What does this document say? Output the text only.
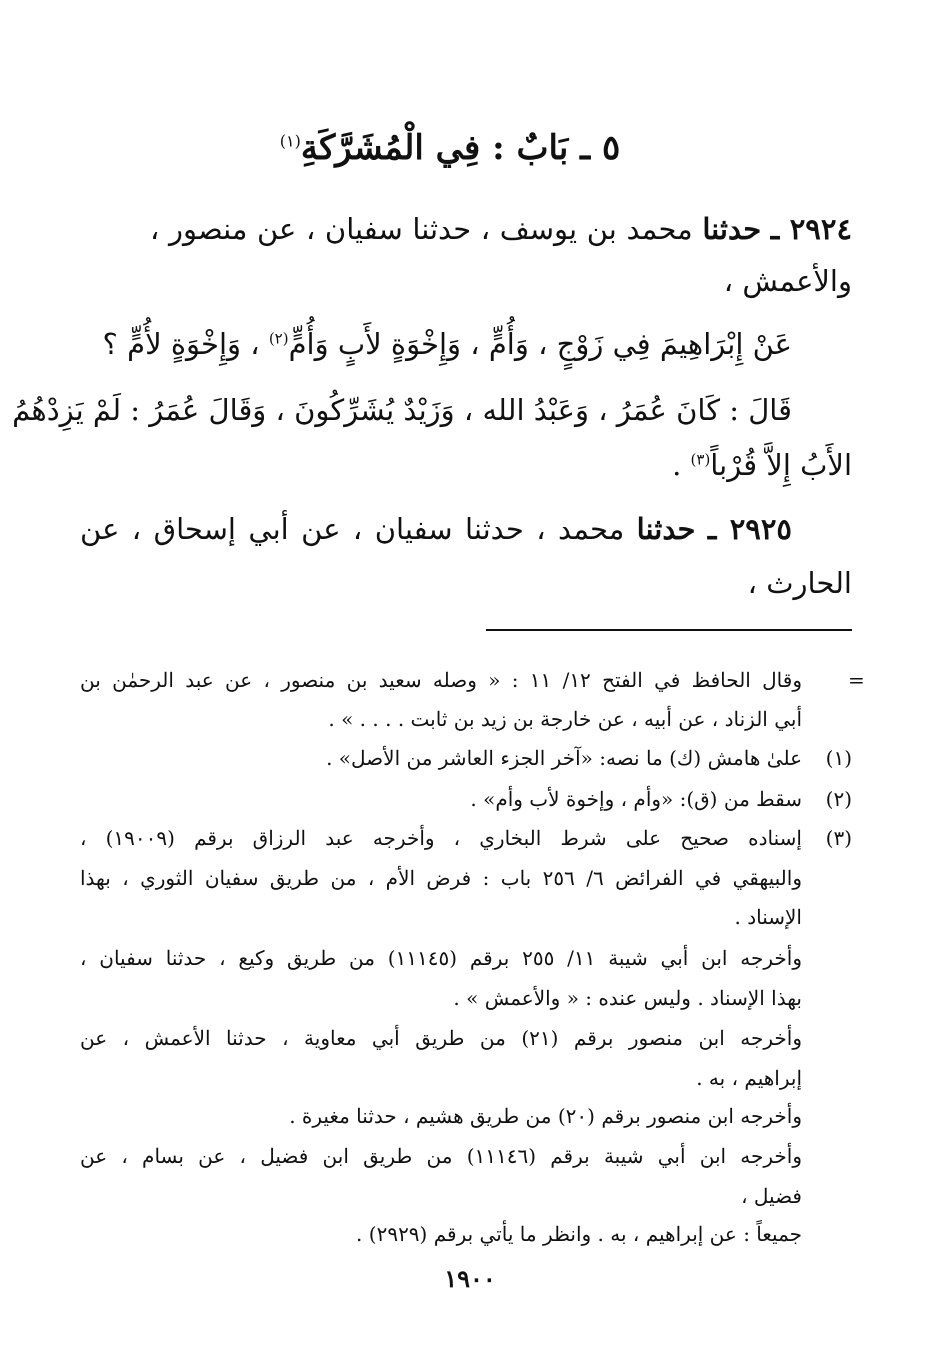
٥ ـ بَابٌ : فِي الْمُشَرَّكَةِ$^{(١)}$
٢٩٢٤ ـ حدثنا محمد بن يوسف ، حدثنا سفيان ، عن منصور ،
والأعمش ،
عَنْ إِبْرَاهِيمَ فِي زَوْجٍ ، وَأُمٍّ ، وَإِخْوَةٍ لأَبٍ وَأُمٍّ$^{(٢)}$ ، وَإِخْوَةٍ لأُمٍّ ؟
قَالَ : كَانَ عُمَرُ ، وَعَبْدُ الله ، وَزَيْدٌ يُشَرِّكُونَ ، وَقَالَ عُمَرُ : لَمْ يَزِدْهُمُ
الأَبُ إِلاَّ قُرْباً$^{(٣)}$ .
٢٩٢٥ ـ حدثنا محمد ، حدثنا سفيان ، عن أبي إسحاق ، عن
الحارث ،
=
وقال الحافظ في الفتح ١٢/ ١١ : « وصله سعيد بن منصور ، عن عبد الرحمٰن بن
أبي الزناد ، عن أبيه ، عن خارجة بن زيد بن ثابت . . . . » .
(١)
علىٰ هامش (ك) ما نصه: «آخر الجزء العاشر من الأصل» .
(٢)
سقط من (ق): «وأم ، وإخوة لأب وأم» .
(٣)
إسناده صحيح على شرط البخاري ، وأخرجه عبد الرزاق برقم (١٩٠٠٩) ،
والبيهقي في الفرائض ٦/ ٢٥٦ باب : فرض الأم ، من طريق سفيان الثوري ، بهذا
الإسناد .
وأخرجه ابن أبي شيبة ١١/ ٢٥٥ برقم (١١١٤٥) من طريق وكيع ، حدثنا سفيان ،
بهذا الإسناد . وليس عنده : « والأعمش » .
وأخرجه ابن منصور برقم (٢١) من طريق أبي معاوية ، حدثنا الأعمش ، عن
إبراهيم ، به .
وأخرجه ابن منصور برقم (٢٠) من طريق هشيم ، حدثنا مغيرة .
وأخرجه ابن أبي شيبة برقم (١١١٤٦) من طريق ابن فضيل ، عن بسام ، عن
فضيل ،
جميعاً : عن إبراهيم ، به . وانظر ما يأتي برقم (٢٩٢٩) .
١٩٠٠
